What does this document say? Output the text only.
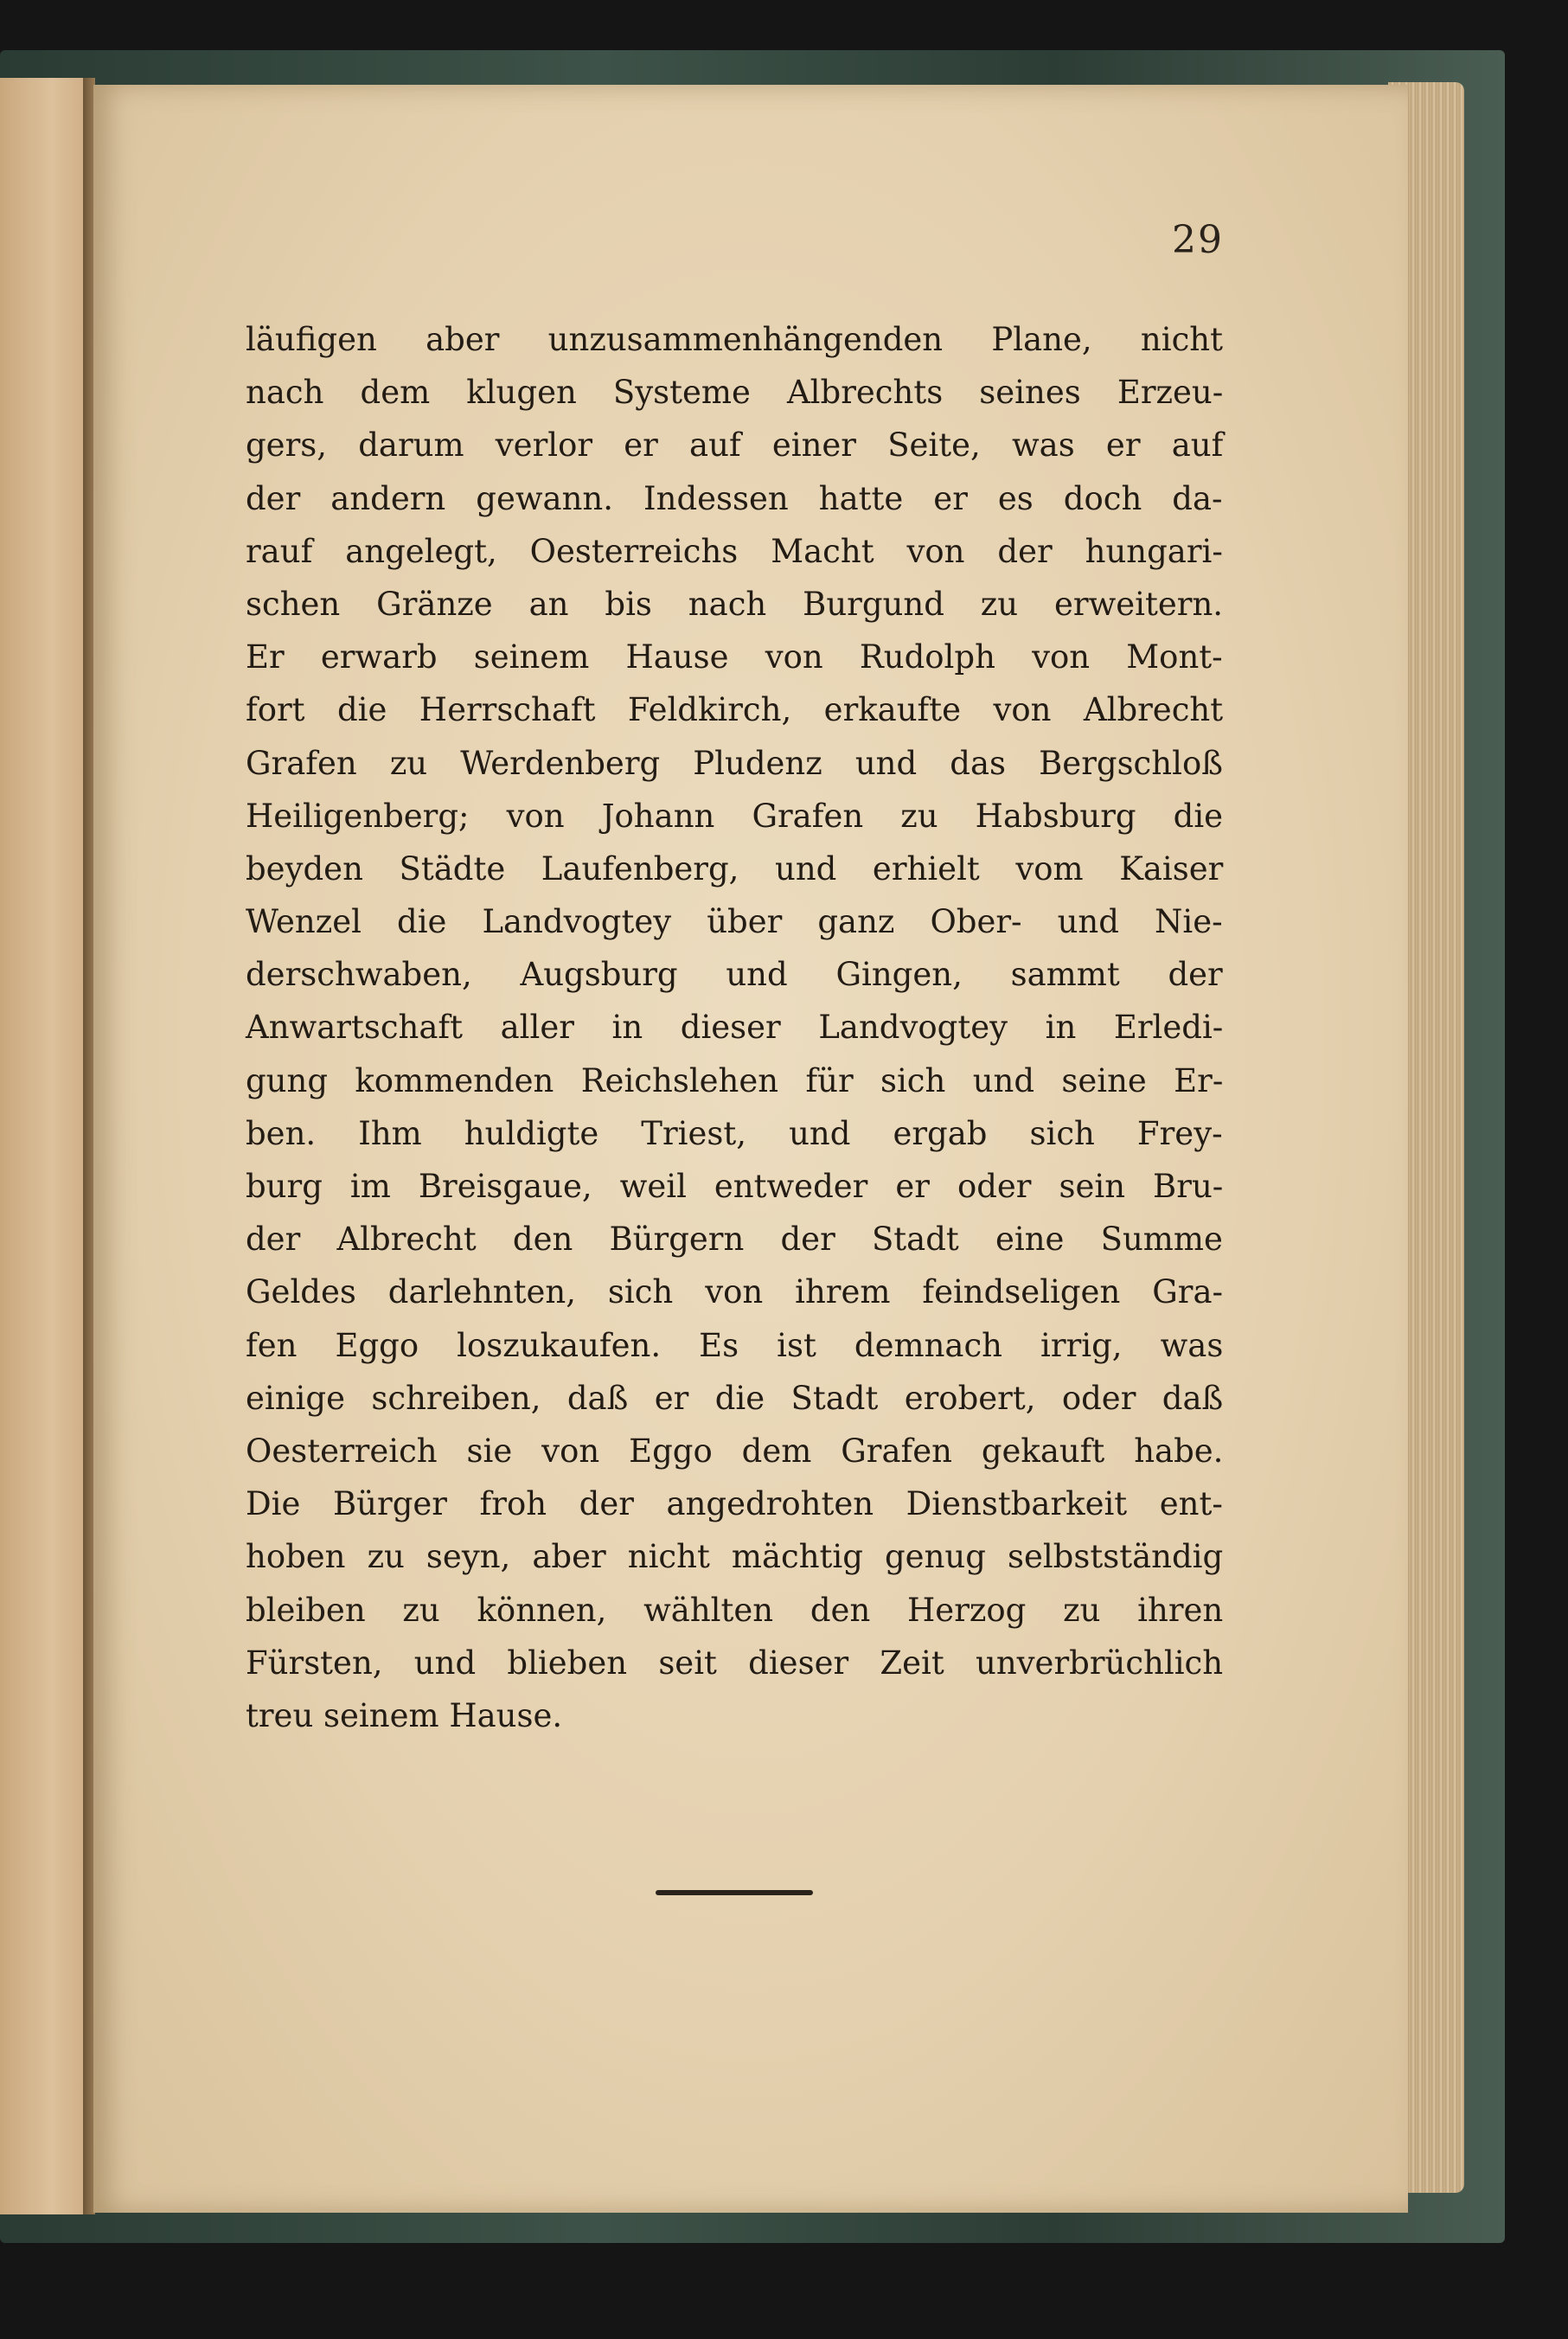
29

läufigen aber unzusammenhängenden Plane, nicht
nach dem klugen Systeme Albrechts seines Erzeu-
gers, darum verlor er auf einer Seite, was er auf
der andern gewann. Indessen hatte er es doch da-
rauf angelegt, Oesterreichs Macht von der hungari-
schen Gränze an bis nach Burgund zu erweitern.
Er erwarb seinem Hause von Rudolph von Mont-
fort die Herrschaft Feldkirch, erkaufte von Albrecht
Grafen zu Werdenberg Pludenz und das Bergschloß
Heiligenberg; von Johann Grafen zu Habsburg die
beyden Städte Laufenberg, und erhielt vom Kaiser
Wenzel die Landvogtey über ganz Ober- und Nie-
derschwaben, Augsburg und Gingen, sammt der
Anwartschaft aller in dieser Landvogtey in Erledi-
gung kommenden Reichslehen für sich und seine Er-
ben. Ihm huldigte Triest, und ergab sich Frey-
burg im Breisgaue, weil entweder er oder sein Bru-
der Albrecht den Bürgern der Stadt eine Summe
Geldes darlehnten, sich von ihrem feindseligen Gra-
fen Eggo loszukaufen. Es ist demnach irrig, was
einige schreiben, daß er die Stadt erobert, oder daß
Oesterreich sie von Eggo dem Grafen gekauft habe.
Die Bürger froh der angedrohten Dienstbarkeit ent-
hoben zu seyn, aber nicht mächtig genug selbstständig
bleiben zu können, wählten den Herzog zu ihren
Fürsten, und blieben seit dieser Zeit unverbrüchlich
treu seinem Hause.
